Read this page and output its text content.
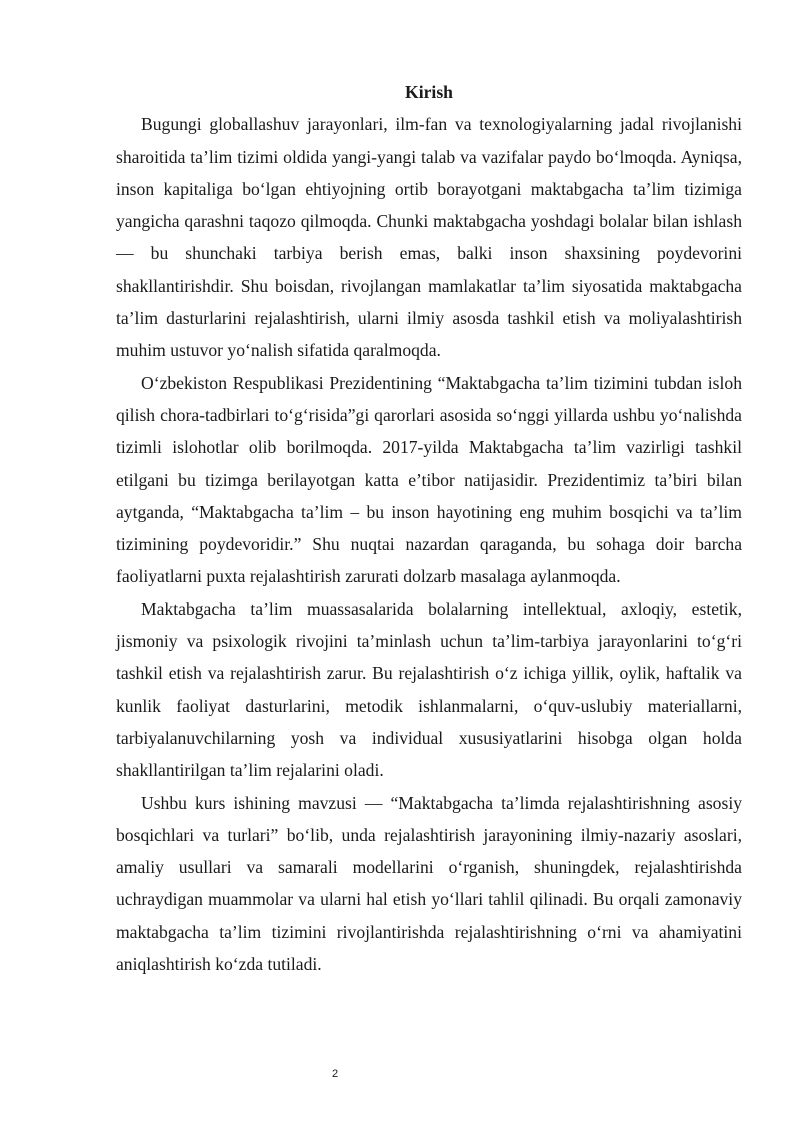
Kirish

Bugungi globallashuv jarayonlari, ilm-fan va texnologiyalarning jadal rivojlanishi sharoitida ta’lim tizimi oldida yangi-yangi talab va vazifalar paydo bo‘lmoqda. Ayniqsa, inson kapitaliga bo‘lgan ehtiyojning ortib borayotgani maktabgacha ta’lim tizimiga yangicha qarashni taqozo qilmoqda. Chunki maktabgacha yoshdagi bolalar bilan ishlash — bu shunchaki tarbiya berish emas, balki inson shaxsining poydevorini shakllantirishdir. Shu boisdan, rivojlangan mamlakatlar ta’lim siyosatida maktabgacha ta’lim dasturlarini rejalashtirish, ularni ilmiy asosda tashkil etish va moliyalashtirish muhim ustuvor yo‘nalish sifatida qaralmoqda.

O‘zbekiston Respublikasi Prezidentining “Maktabgacha ta’lim tizimini tubdan isloh qilish chora-tadbirlari to‘g‘risida”gi qarorlari asosida so‘nggi yillarda ushbu yo‘nalishda tizimli islohotlar olib borilmoqda. 2017-yilda Maktabgacha ta’lim vazirligi tashkil etilgani bu tizimga berilayotgan katta e’tibor natijasidir. Prezidentimiz ta’biri bilan aytganda, “Maktabgacha ta’lim – bu inson hayotining eng muhim bosqichi va ta’lim tizimining poydevoridir.” Shu nuqtai nazardan qaraganda, bu sohaga doir barcha faoliyatlarni puxta rejalashtirish zarurati dolzarb masalaga aylanmoqda.

Maktabgacha ta’lim muassasalarida bolalarning intellektual, axloqiy, estetik, jismoniy va psixologik rivojini ta’minlash uchun ta’lim-tarbiya jarayonlarini to‘g‘ri tashkil etish va rejalashtirish zarur. Bu rejalashtirish o‘z ichiga yillik, oylik, haftalik va kunlik faoliyat dasturlarini, metodik ishlanmalarni, o‘quv-uslubiy materiallarni, tarbiyalanuvchilarning yosh va individual xususiyatlarini hisobga olgan holda shakllantirilgan ta’lim rejalarini oladi.

Ushbu kurs ishining mavzusi — “Maktabgacha ta’limda rejalashtirishning asosiy bosqichlari va turlari” bo‘lib, unda rejalashtirish jarayonining ilmiy-nazariy asoslari, amaliy usullari va samarali modellarini o‘rganish, shuningdek, rejalashtirishda uchraydigan muammolar va ularni hal etish yo‘llari tahlil qilinadi. Bu orqali zamonaviy maktabgacha ta’lim tizimini rivojlantirishda rejalashtirishning o‘rni va ahamiyatini aniqlashtirish ko‘zda tutiladi.

2
